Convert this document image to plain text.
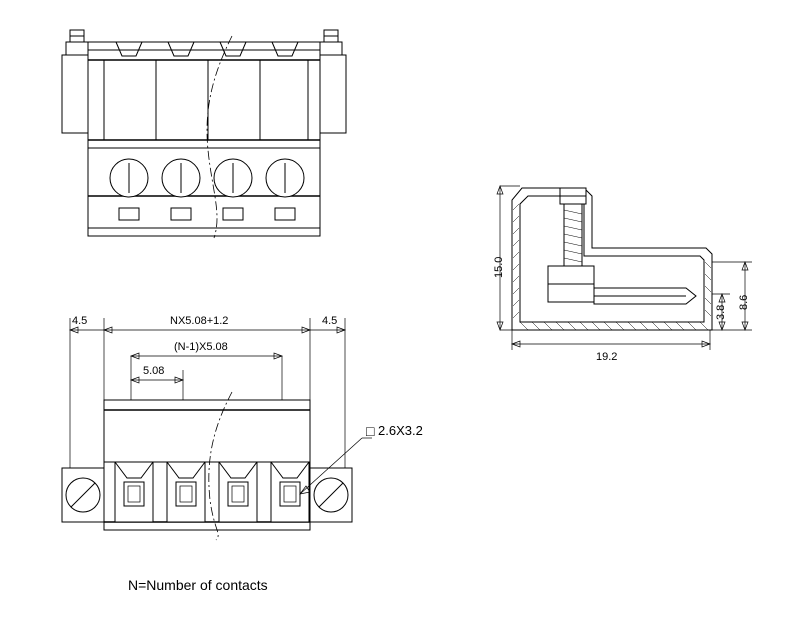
4.5	4.5
NX5.08+1.2
(N-1)X5.08
5.08
□ 2.6X3.2
15.0
8.6
3.8
19.2
N=Number of contacts
